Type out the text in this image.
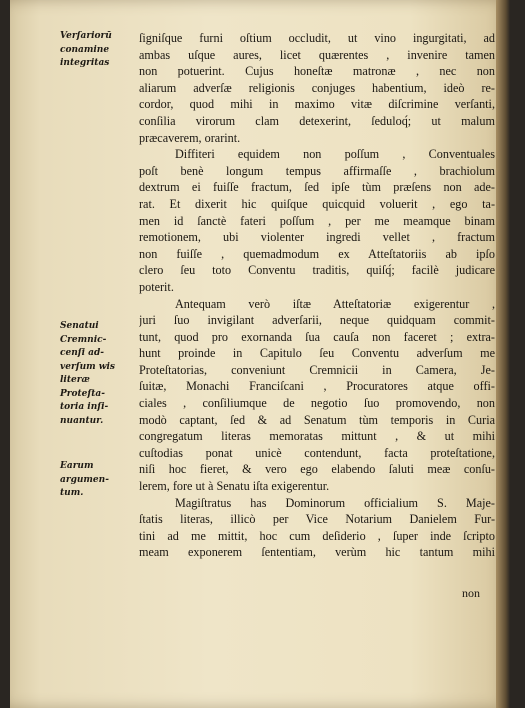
Verſariorū
conamine
integritas
Senatui
Cremnic-
cenſi ad-
verſum wis
literæ
Proteſta-
toria inſi-
nuantur.
Earum
argumen-
tum.
ſigniſque furni oſtium occludit, ut vino ingurgitati, ad
ambas uſque aures, licet quærentes , invenire tamen
non potuerint. Cujus honeſtæ matronæ , nec non
aliarum adverſæ religionis conjuges habentium, ideò re-
cordor, quod mihi in maximo vitæ diſcrimine verſanti,
conſilia virorum clam detexerint, ſeduloq́; ut malum
præcaverem, orarint.
Diffiteri equidem non poſſum , Conventuales
poſt benè longum tempus affirmaſſe , brachiolum
dextrum ei fuiſſe fractum, ſed ipſe tùm præſens non ade-
rat. Et dixerit hic quiſque quicquid voluerit , ego ta-
men id ſanctè fateri poſſum , per me meamque binam
remotionem, ubi violenter ingredi vellet , fractum
non fuiſſe , quemadmodum ex Atteſtatoriis ab ipſo
clero ſeu toto Conventu traditis, quiſq́; facilè judicare
poterit.
Antequam verò iſtæ Atteſtatoriæ exigerentur ,
juri ſuo invigilant adverſarii, neque quidquam commit-
tunt, quod pro exornanda ſua cauſa non faceret ; extra-
hunt proinde in Capitulo ſeu Conventu adverſum me
Proteſtatorias, conveniunt Cremnicii in Camera, Je-
ſuitæ, Monachi Franciſcani , Procuratores atque offi-
ciales , conſiliumque de negotio ſuo promovendo, non
modò captant, ſed & ad Senatum tùm temporis in Curia
congregatum literas memoratas mittunt , & ut mihi
cuſtodias ponat unicè contendunt, facta proteſtatione,
niſi hoc fieret, & vero ego elabendo ſaluti meæ conſu-
lerem, fore ut à Senatu iſta exigerentur.
Magiſtratus has Dominorum officialium S. Maje-
ſtatis literas, illicò per Vice Notarium Danielem Fur-
tini ad me mittit, hoc cum deſiderio , ſuper inde ſcripto
meam exponerem ſententiam, verùm hic tantum mihi
non
